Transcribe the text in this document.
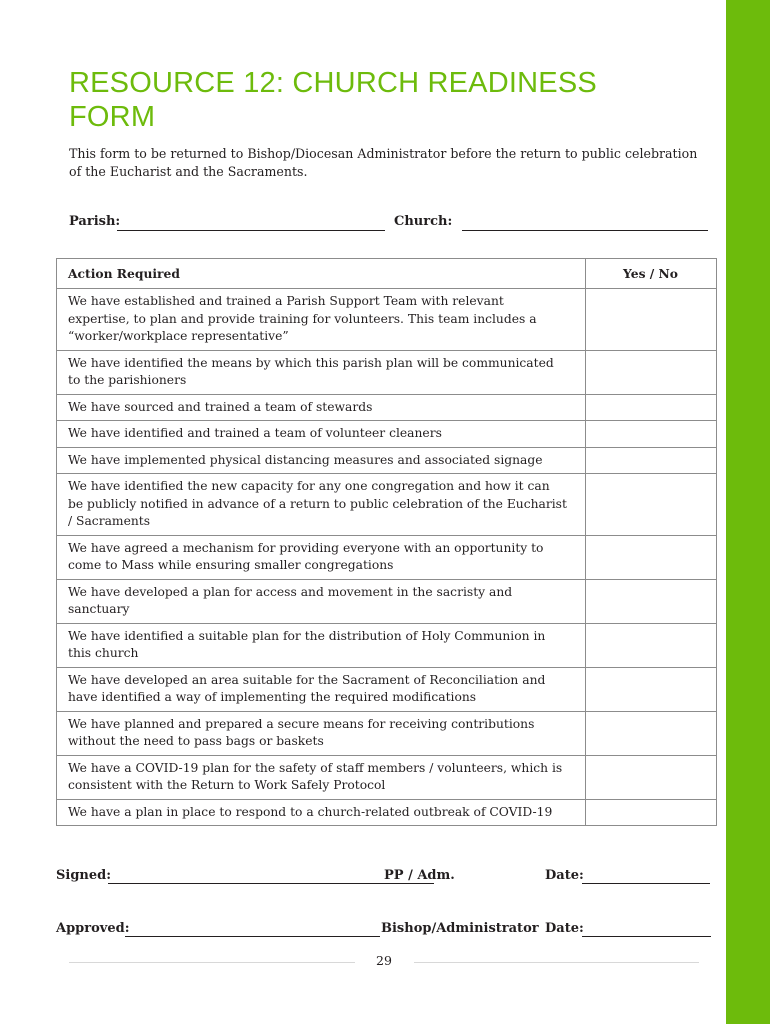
RESOURCE 12: CHURCH READINESS FORM

This form to be returned to Bishop/Diocesan Administrator before the return to public celebration of the Eucharist and the Sacraments.

Parish:	Church:
Action Required	Yes / No

We have established and trained a Parish Support Team with relevant expertise, to plan and provide training for volunteers. This team includes a “worker/workplace representative”	

We have identified the means by which this parish plan will be communicated to the parishioners	

We have sourced and trained a team of stewards	

We have identified and trained a team of volunteer cleaners	

We have implemented physical distancing measures and associated signage	

We have identified the new capacity for any one congregation and how it can be publicly notified in advance of a return to public celebration of the Eucharist / Sacraments	

We have agreed a mechanism for providing everyone with an opportunity to come to Mass while ensuring smaller congregations	

We have developed a plan for access and movement in the sacristy and sanctuary	

We have identified a suitable plan for the distribution of Holy Communion in this church	

We have developed an area suitable for the Sacrament of Reconciliation and have identified a way of implementing the required modifications	

We have planned and prepared a secure means for receiving contributions without the need to pass bags or baskets	

We have a COVID-19 plan for the safety of staff members / volunteers, which is consistent with the Return to Work Safely Protocol	

We have a plan in place to respond to a church-related outbreak of COVID-19	

Signed:	PP / Adm.	Date:
Approved:	Bishop/Administrator Date:
29
